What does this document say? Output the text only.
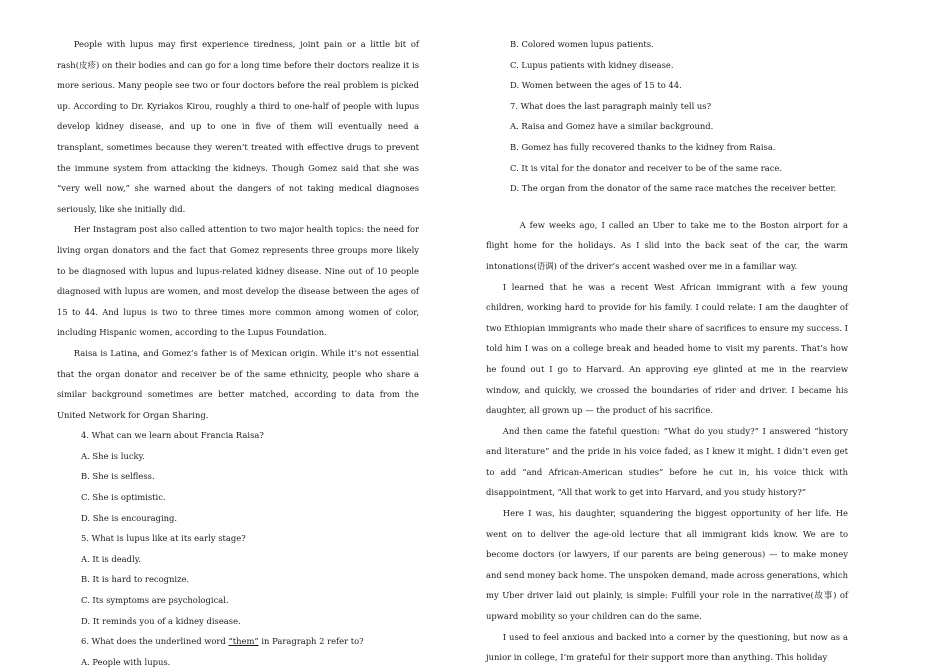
People with lupus may first experience tiredness, joint pain or a little bit of rash(皮疹) on their bodies and can go for a long time before their doctors realize it is more serious. Many people see two or four doctors before the real problem is picked up. According to Dr. Kyriakos Kirou, roughly a third to one-half of people with lupus develop kidney disease, and up to one in five of them will eventually need a transplant, sometimes because they weren’t treated with effective drugs to prevent the immune system from attacking the kidneys. Though Gomez said that she was “very well now,” she warned about the dangers of not taking medical diagnoses seriously, like she initially did.

Her Instagram post also called attention to two major health topics: the need for living organ donators and the fact that Gomez represents three groups more likely to be diagnosed with lupus and lupus-related kidney disease. Nine out of 10 people diagnosed with lupus are women, and most develop the disease between the ages of 15 to 44. And lupus is two to three times more common among women of color, including Hispanic women, according to the Lupus Foundation.

Raisa is Latina, and Gomez’s father is of Mexican origin. While it’s not essential that the organ donator and receiver be of the same ethnicity, people who share a similar background sometimes are better matched, according to data from the United Network for Organ Sharing.

4. What can we learn about Francia Raisa?

A. She is lucky.

B. She is selfless.

C. She is optimistic.

D. She is encouraging.

5. What is lupus like at its early stage?

A. It is deadly.

B. It is hard to recognize.

C. Its symptoms are psychological.

D. It reminds you of a kidney disease.

6. What does the underlined word “them” in Paragraph 2 refer to?

A. People with lupus.

B. Colored women lupus patients.

C. Lupus patients with kidney disease.

D. Women between the ages of 15 to 44.

7. What does the last paragraph mainly tell us?

A. Raisa and Gomez have a similar background.

B. Gomez has fully recovered thanks to the kidney from Raisa.

C. It is vital for the donator and receiver to be of the same race.

D. The organ from the donator of the same race matches the receiver better.

A few weeks ago, I called an Uber to take me to the Boston airport for a flight home for the holidays. As I slid into the back seat of the car, the warm intonations(语调) of the driver’s accent washed over me in a familiar way.

I learned that he was a recent West African immigrant with a few young children, working hard to provide for his family. I could relate: I am the daughter of two Ethiopian immigrants who made their share of sacrifices to ensure my success. I told him I was on a college break and headed home to visit my parents. That’s how he found out I go to Harvard. An approving eye glinted at me in the rearview window, and quickly, we crossed the boundaries of rider and driver. I became his daughter, all grown up — the product of his sacrifice.

And then came the fateful question: “What do you study?” I answered “history and literature” and the pride in his voice faded, as I knew it might. I didn’t even get to add “and African-American studies” before he cut in, his voice thick with disappointment, “All that work to get into Harvard, and you study history?”

Here I was, his daughter, squandering the biggest opportunity of her life. He went on to deliver the age-old lecture that all immigrant kids know. We are to become doctors (or lawyers, if our parents are being generous) — to make money and send money back home. The unspoken demand, made across generations, which my Uber driver laid out plainly, is simple: Fulfill your role in the narrative(故事) of upward mobility so your children can do the same.

I used to feel anxious and backed into a corner by the questioning, but now as a junior in college, I’m grateful for their support more than anything. This holiday
